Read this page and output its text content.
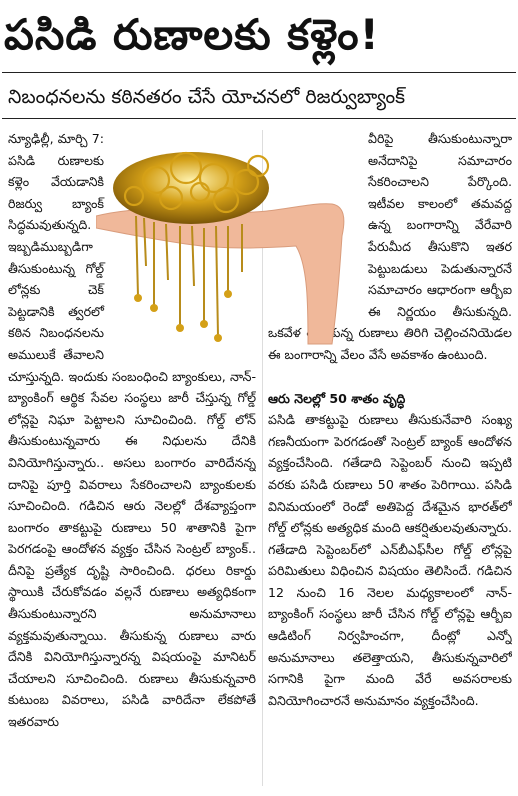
పసిడి రుణాలకు కళ్లెం!
నిబంధనలను కఠినతరం చేసే యోచనలో రిజర్వుబ్యాంక్

న్యూఢిల్లీ, మార్చి 7: పసిడి రుణాలకు కళ్లెం వేయడానికి రిజర్వు బ్యాంక్ సిద్ధమవుతున్నది. ఇబ్బడిముబ్బడిగా తీసుకుంటున్న గోల్డ్ లోన్లకు చెక్ పెట్టడానికి త్వరలో కఠిన నిబంధనలను అములుకే తేవాలని చూస్తున్నది. ఇందుకు సంబంధించి బ్యాంకులు, నాన్-బ్యాంకింగ్ ఆర్థిక సేవల సంస్థలు జారీ చేస్తున్న గోల్డ్ లోన్లపై నిఘా పెట్టాలని సూచించింది. గోల్డ్ లోన్ తీసుకుంటున్నవారు ఈ నిధులను దేనికి వినియోగిస్తున్నారు.. అసలు బంగారం వారిదేనన్న దానిపై పూర్తి వివరాలు సేకరించాలని బ్యాంకులకు సూచించింది. గడిచిన ఆరు నెలల్లో దేశవ్యాప్తంగా బంగారం తాకట్టుపై రుణాలు 50 శాతానికి పైగా పెరగడంపై ఆందోళన వ్యక్తం చేసిన సెంట్రల్ బ్యాంక్.. దీనిపై ప్రత్యేక దృష్టి సారించింది. ధరలు రికార్డు స్థాయికి చేరుకోవడం వల్లనే రుణాలు అత్యధికంగా తీసుకుంటున్నారని అనుమానాలు వ్యక్తమవుతున్నాయి. తీసుకున్న రుణాలు వారు దేనికి వినియోగిస్తున్నారన్న విషయంపై మానిటర్ చేయాలని సూచించింది. రుణాలు తీసుకున్నవారి కుటుంబ వివరాలు, పసిడి వారిదేనా లేకపోతే ఇతరవారు

వీరిపై తీసుకుంటున్నారా అనేదానిపై సమాచారం సేకరించాలని పేర్కొంది. ఇటీవల కాలంలో తమవద్ద ఉన్న బంగారాన్ని వేరేవారి పేరుమీద తీసుకొని ఇతర పెట్టుబడులు పెడుతున్నారనే సమాచారం ఆధారంగా ఆర్బీఐ ఈ నిర్ణయం తీసుకున్నది. ఒకవేళ తీసుకున్న రుణాలు తిరిగి చెల్లించనియెడల ఈ బంగారాన్ని వేలం వేసే అవకాశం ఉంటుంది.

ఆరు నెలల్లో 50 శాతం వృద్ధి

పసిడి తాకట్టుపై రుణాలు తీసుకునేవారి సంఖ్య గణనీయంగా పెరగడంతో సెంట్రల్ బ్యాంక్ ఆందోళన వ్యక్తంచేసింది. గతేడాది సెప్టెంబర్ నుంచి ఇప్పటి వరకు పసిడి రుణాలు 50 శాతం పెరిగాయి. పసిడి వినిమయంలో రెండో అతిపెద్ద దేశమైన భారత్‌లో గోల్డ్ లోన్లకు అత్యధిక మంది ఆకర్షితులవుతున్నారు. గతేడాది సెప్టెంబర్‌లో ఎన్‌బీఎఫ్‌సీల గోల్డ్ లోన్లపై పరిమితులు విధించిన విషయం తెలిసిందే. గడిచిన 12 నుంచి 16 నెలల మధ్యకాలంలో నాన్-బ్యాంకింగ్ సంస్థలు జారీ చేసిన గోల్డ్ లోన్లపై ఆర్బీఐ ఆడిటింగ్ నిర్వహించగా, దీంట్లో ఎన్నో అనుమానాలు తలెత్తాయని, తీసుకున్నవారిలో సగానికి పైగా మంది వేరే అవసరాలకు వినియోగించారనే అనుమానం వ్యక్తంచేసింది.
